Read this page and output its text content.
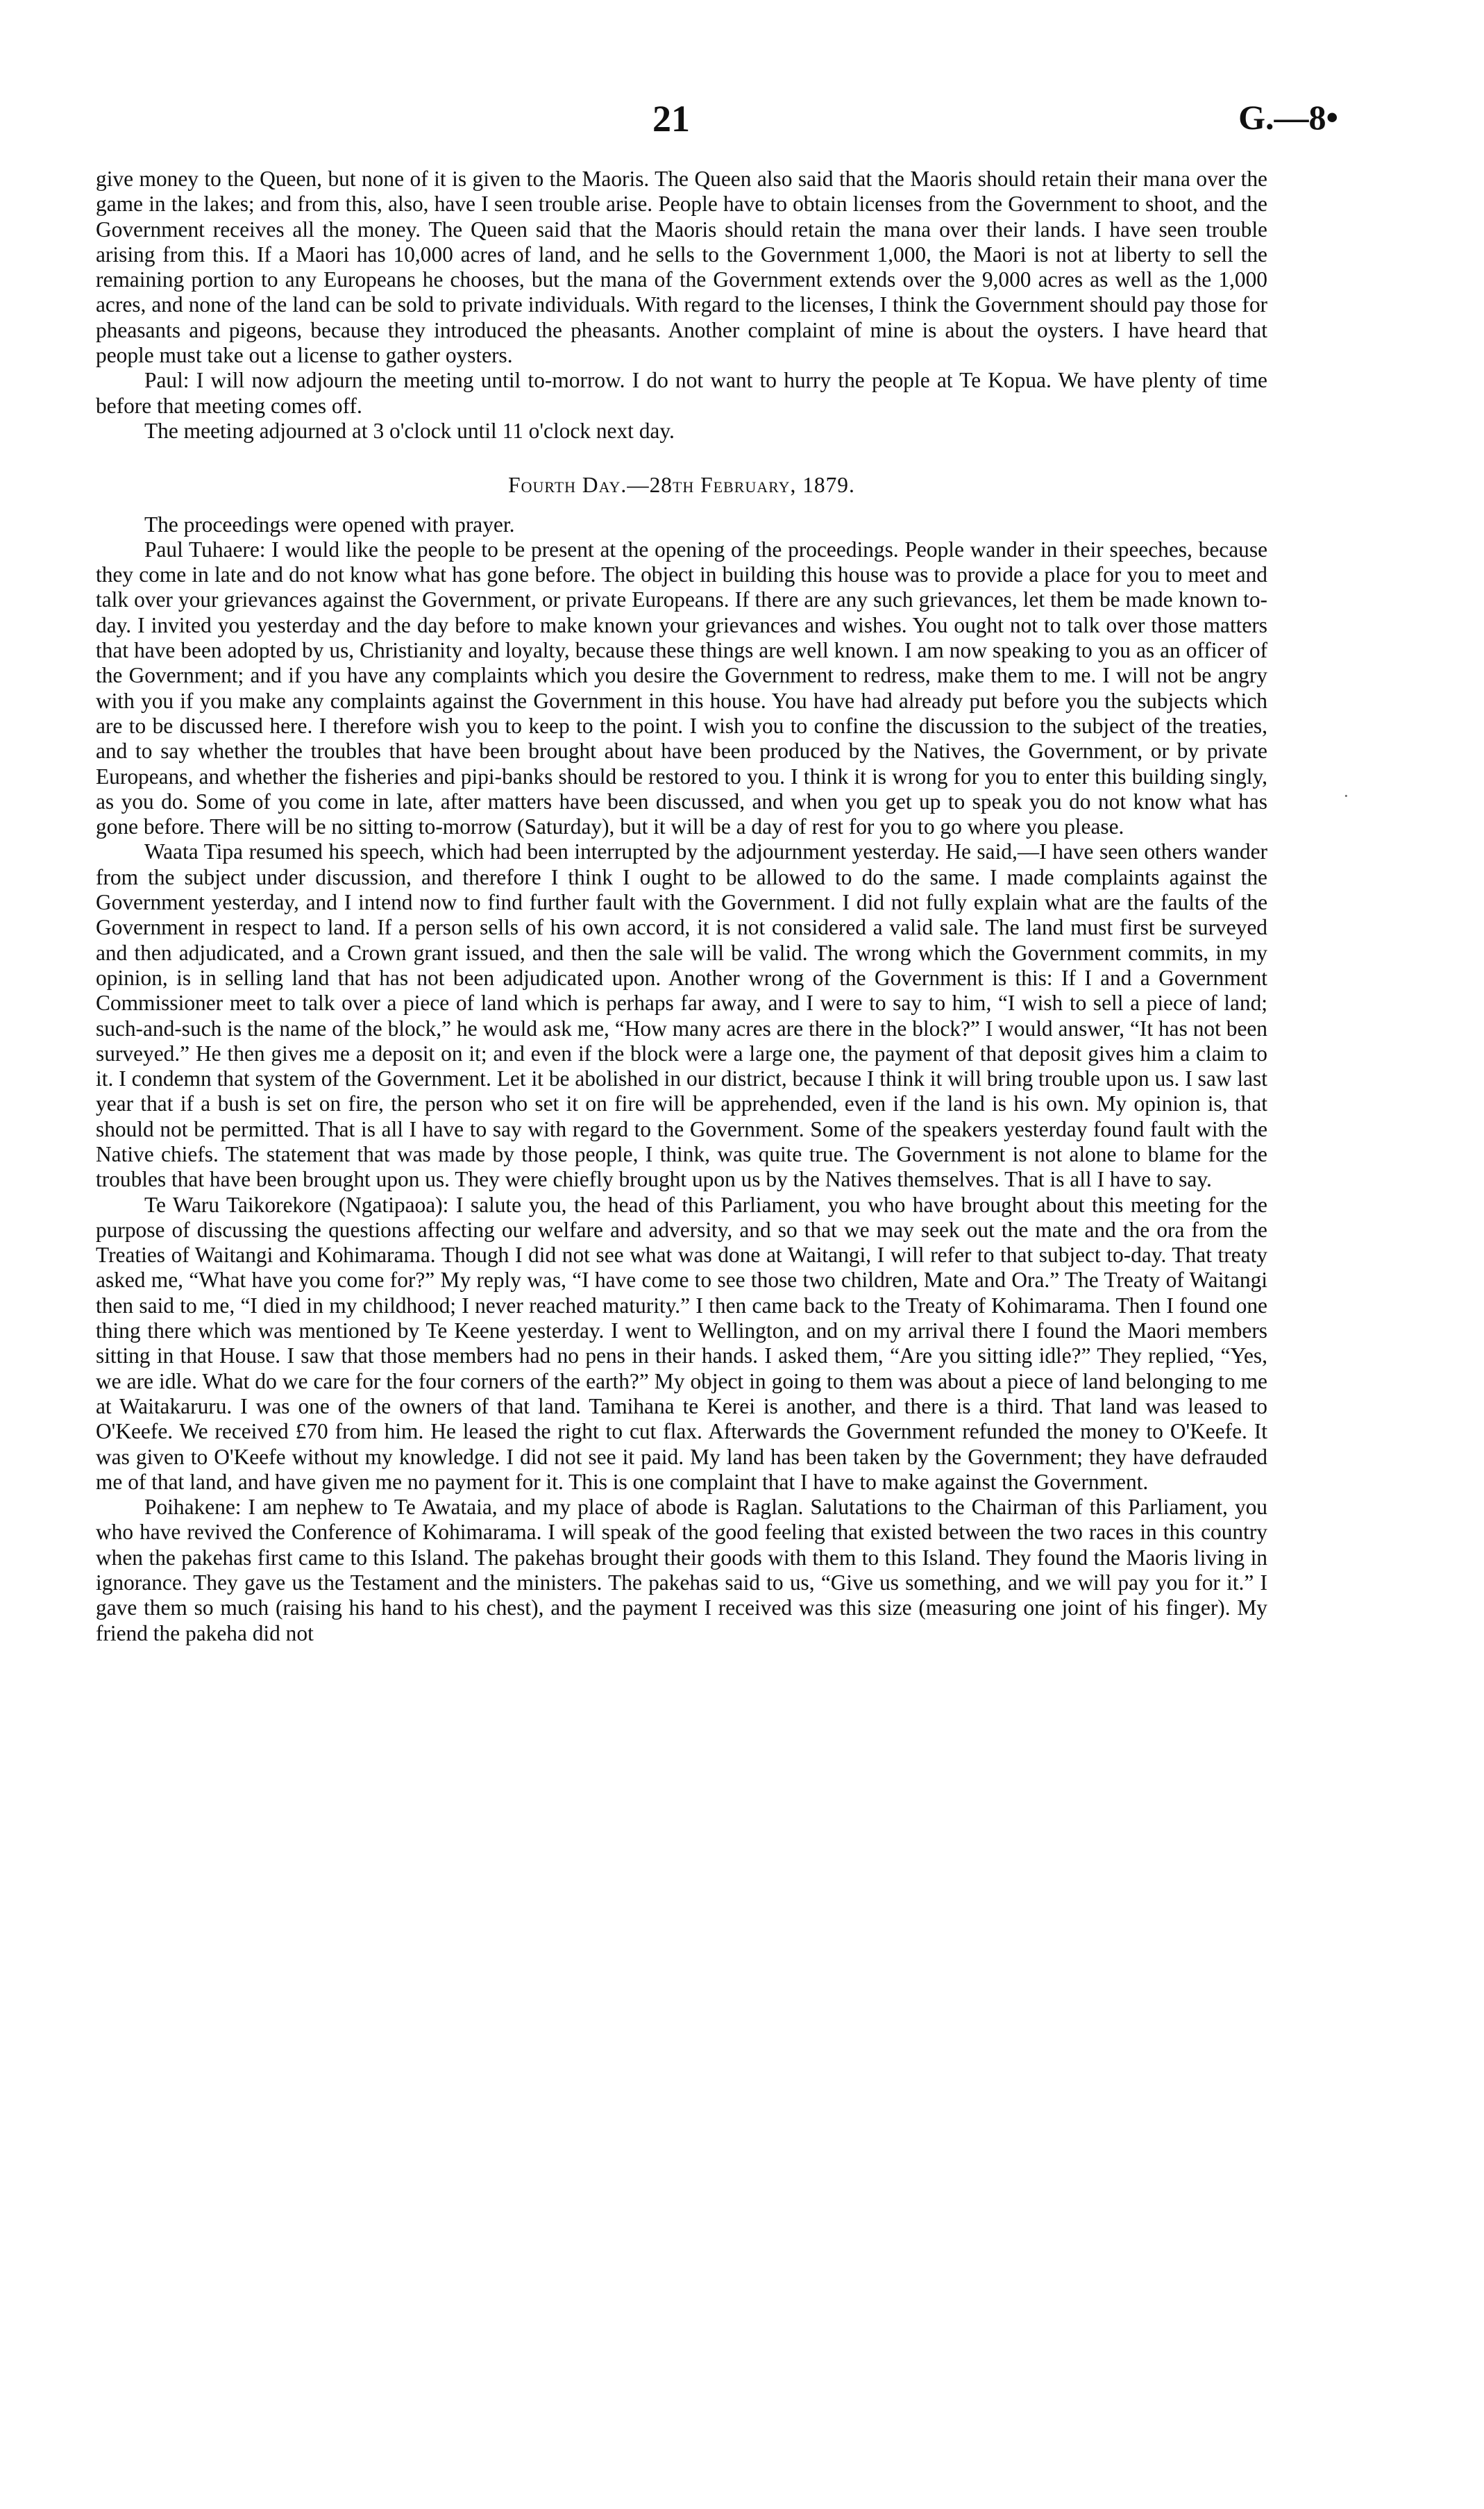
21	G.—8•

give money to the Queen, but none of it is given to the Maoris. The Queen also said that the Maoris should retain their mana over the game in the lakes; and from this, also, have I seen trouble arise. People have to obtain licenses from the Government to shoot, and the Government receives all the money. The Queen said that the Maoris should retain the mana over their lands. I have seen trouble arising from this. If a Maori has 10,000 acres of land, and he sells to the Government 1,000, the Maori is not at liberty to sell the remaining portion to any Europeans he chooses, but the mana of the Government extends over the 9,000 acres as well as the 1,000 acres, and none of the land can be sold to private individuals. With regard to the licenses, I think the Government should pay those for pheasants and pigeons, because they introduced the pheasants. Another complaint of mine is about the oysters. I have heard that people must take out a license to gather oysters.

Paul: I will now adjourn the meeting until to-morrow. I do not want to hurry the people at Te Kopua. We have plenty of time before that meeting comes off.

The meeting adjourned at 3 o'clock until 11 o'clock next day.

Fourth Day.—28th February, 1879.

The proceedings were opened with prayer.

Paul Tuhaere: I would like the people to be present at the opening of the proceedings. People wander in their speeches, because they come in late and do not know what has gone before. The object in building this house was to provide a place for you to meet and talk over your grievances against the Government, or private Europeans. If there are any such grievances, let them be made known to-day. I invited you yesterday and the day before to make known your grievances and wishes. You ought not to talk over those matters that have been adopted by us, Christianity and loyalty, because these things are well known. I am now speaking to you as an officer of the Government; and if you have any complaints which you desire the Government to redress, make them to me. I will not be angry with you if you make any complaints against the Government in this house. You have had already put before you the subjects which are to be discussed here. I therefore wish you to keep to the point. I wish you to confine the discussion to the subject of the treaties, and to say whether the troubles that have been brought about have been produced by the Natives, the Government, or by private Europeans, and whether the fisheries and pipi-banks should be restored to you. I think it is wrong for you to enter this building singly, as you do. Some of you come in late, after matters have been discussed, and when you get up to speak you do not know what has gone before. There will be no sitting to-morrow (Saturday), but it will be a day of rest for you to go where you please.

Waata Tipa resumed his speech, which had been interrupted by the adjournment yesterday. He said,—I have seen others wander from the subject under discussion, and therefore I think I ought to be allowed to do the same. I made complaints against the Government yesterday, and I intend now to find further fault with the Government. I did not fully explain what are the faults of the Government in respect to land. If a person sells of his own accord, it is not considered a valid sale. The land must first be surveyed and then adjudicated, and a Crown grant issued, and then the sale will be valid. The wrong which the Government commits, in my opinion, is in selling land that has not been adjudicated upon. Another wrong of the Government is this: If I and a Government Commissioner meet to talk over a piece of land which is perhaps far away, and I were to say to him, “I wish to sell a piece of land; such-and-such is the name of the block,” he would ask me, “How many acres are there in the block?” I would answer, “It has not been surveyed.” He then gives me a deposit on it; and even if the block were a large one, the payment of that deposit gives him a claim to it. I condemn that system of the Government. Let it be abolished in our district, because I think it will bring trouble upon us. I saw last year that if a bush is set on fire, the person who set it on fire will be apprehended, even if the land is his own. My opinion is, that should not be permitted. That is all I have to say with regard to the Government. Some of the speakers yesterday found fault with the Native chiefs. The statement that was made by those people, I think, was quite true. The Government is not alone to blame for the troubles that have been brought upon us. They were chiefly brought upon us by the Natives themselves. That is all I have to say.

Te Waru Taikorekore (Ngatipaoa): I salute you, the head of this Parliament, you who have brought about this meeting for the purpose of discussing the questions affecting our welfare and adversity, and so that we may seek out the mate and the ora from the Treaties of Waitangi and Kohimarama. Though I did not see what was done at Waitangi, I will refer to that subject to-day. That treaty asked me, “What have you come for?” My reply was, “I have come to see those two children, Mate and Ora.” The Treaty of Waitangi then said to me, “I died in my childhood; I never reached maturity.” I then came back to the Treaty of Kohimarama. Then I found one thing there which was mentioned by Te Keene yesterday. I went to Wellington, and on my arrival there I found the Maori members sitting in that House. I saw that those members had no pens in their hands. I asked them, “Are you sitting idle?” They replied, “Yes, we are idle. What do we care for the four corners of the earth?” My object in going to them was about a piece of land belonging to me at Waitakaruru. I was one of the owners of that land. Tamihana te Kerei is another, and there is a third. That land was leased to O'Keefe. We received £70 from him. He leased the right to cut flax. Afterwards the Government refunded the money to O'Keefe. It was given to O'Keefe without my knowledge. I did not see it paid. My land has been taken by the Government; they have defrauded me of that land, and have given me no payment for it. This is one complaint that I have to make against the Government.

Poihakene: I am nephew to Te Awataia, and my place of abode is Raglan. Salutations to the Chairman of this Parliament, you who have revived the Conference of Kohimarama. I will speak of the good feeling that existed between the two races in this country when the pakehas first came to this Island. The pakehas brought their goods with them to this Island. They found the Maoris living in ignorance. They gave us the Testament and the ministers. The pakehas said to us, “Give us something, and we will pay you for it.” I gave them so much (raising his hand to his chest), and the payment I received was this size (measuring one joint of his finger). My friend the pakeha did not

·
